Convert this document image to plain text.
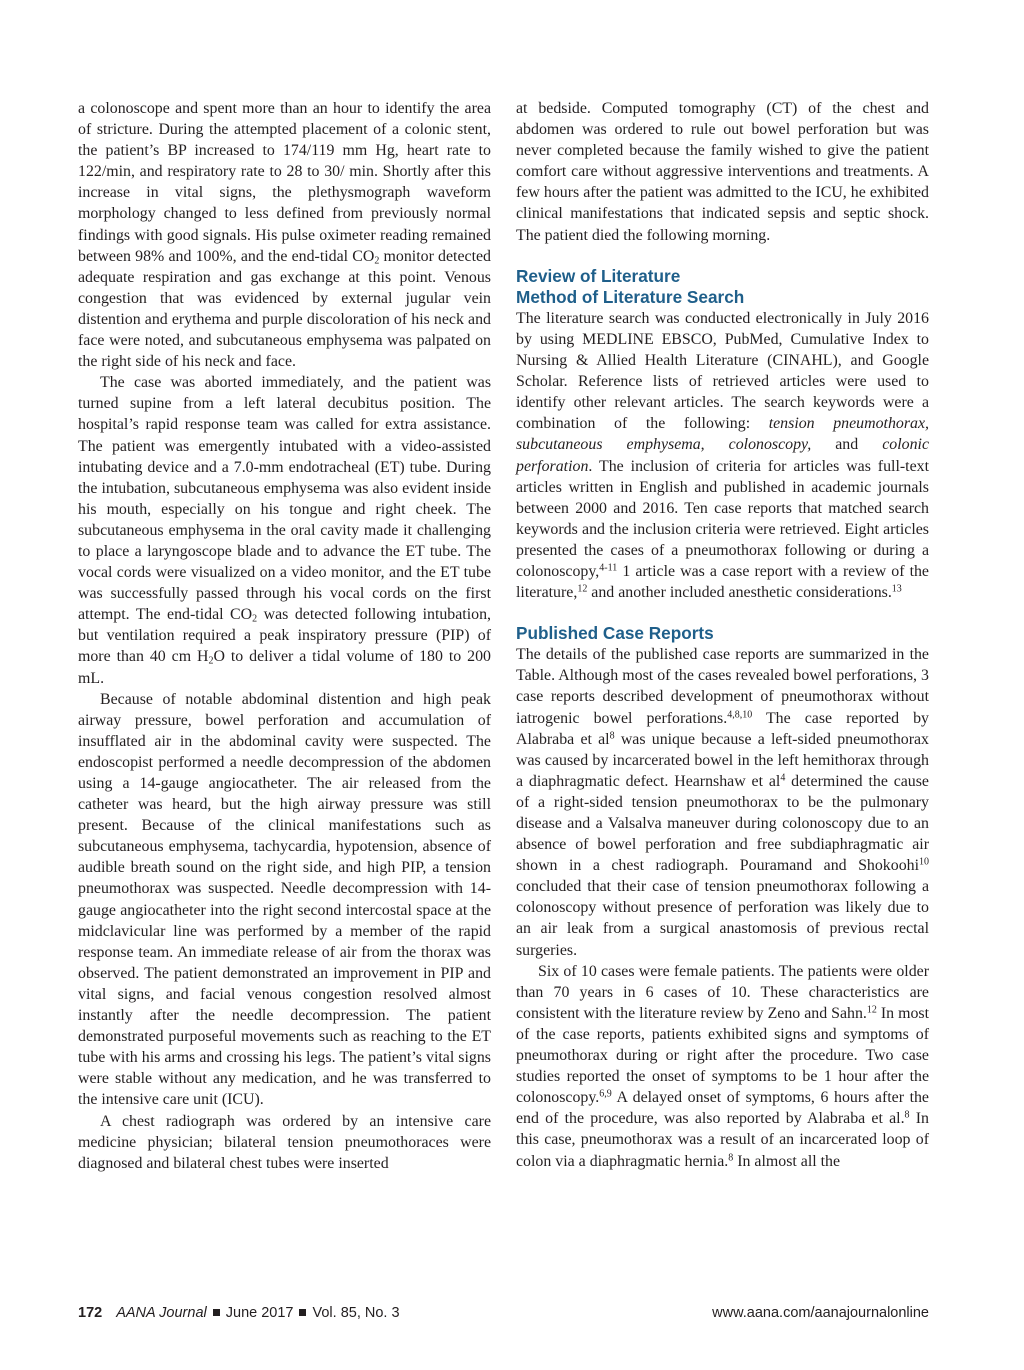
a colonoscope and spent more than an hour to identify the area of stricture. During the attempted placement of a colonic stent, the patient’s BP increased to 174/119 mm Hg, heart rate to 122/min, and respiratory rate to 28 to 30/ min. Shortly after this increase in vital signs, the plethysmograph waveform morphology changed to less defined from previously normal findings with good signals. His pulse oximeter reading remained between 98% and 100%, and the end-tidal $CO_2$ monitor detected adequate respiration and gas exchange at this point. Venous congestion that was evidenced by external jugular vein distention and erythema and purple discoloration of his neck and face were noted, and subcutaneous emphysema was palpated on the right side of his neck and face.

The case was aborted immediately, and the patient was turned supine from a left lateral decubitus position. The hospital’s rapid response team was called for extra assistance. The patient was emergently intubated with a video-assisted intubating device and a 7.0-mm endotracheal (ET) tube. During the intubation, subcutaneous emphysema was also evident inside his mouth, especially on his tongue and right cheek. The subcutaneous emphysema in the oral cavity made it challenging to place a laryngoscope blade and to advance the ET tube. The vocal cords were visualized on a video monitor, and the ET tube was successfully passed through his vocal cords on the first attempt. The end-tidal $CO_2$ was detected following intubation, but ventilation required a peak inspiratory pressure (PIP) of more than 40 cm $H_2O$ to deliver a tidal volume of 180 to 200 mL.

Because of notable abdominal distention and high peak airway pressure, bowel perforation and accumulation of insufflated air in the abdominal cavity were suspected. The endoscopist performed a needle decompression of the abdomen using a 14-gauge angiocatheter. The air released from the catheter was heard, but the high airway pressure was still present. Because of the clinical manifestations such as subcutaneous emphysema, tachycardia, hypotension, absence of audible breath sound on the right side, and high PIP, a tension pneumothorax was suspected. Needle decompression with 14-gauge angiocatheter into the right second intercostal space at the midclavicular line was performed by a member of the rapid response team. An immediate release of air from the thorax was observed. The patient demonstrated an improvement in PIP and vital signs, and facial venous congestion resolved almost instantly after the needle decompression. The patient demonstrated purposeful movements such as reaching to the ET tube with his arms and crossing his legs. The patient’s vital signs were stable without any medication, and he was transferred to the intensive care unit (ICU).

A chest radiograph was ordered by an intensive care medicine physician; bilateral tension pneumothoraces were diagnosed and bilateral chest tubes were inserted

at bedside. Computed tomography (CT) of the chest and abdomen was ordered to rule out bowel perforation but was never completed because the family wished to give the patient comfort care without aggressive interventions and treatments. A few hours after the patient was admitted to the ICU, he exhibited clinical manifestations that indicated sepsis and septic shock. The patient died the following morning.

Review of Literature
Method of Literature Search

The literature search was conducted electronically in July 2016 by using MEDLINE EBSCO, PubMed, Cumulative Index to Nursing & Allied Health Literature (CINAHL), and Google Scholar. Reference lists of retrieved articles were used to identify other relevant articles. The search keywords were a combination of the following: tension pneumothorax, subcutaneous emphysema, colonoscopy, and colonic perforation. The inclusion of criteria for articles was full-text articles written in English and published in academic journals between 2000 and 2016. Ten case reports that matched search keywords and the inclusion criteria were retrieved. Eight articles presented the cases of a pneumothorax following or during a colonoscopy,$^{4-11}$ 1 article was a case report with a review of the literature,$^{12}$ and another included anesthetic considerations.$^{13}$

Published Case Reports

The details of the published case reports are summarized in the Table. Although most of the cases revealed bowel perforations, 3 case reports described development of pneumothorax without iatrogenic bowel perforations.$^{4,8,10}$ The case reported by Alabraba et $al^8$ was unique because a left-sided pneumothorax was caused by incarcerated bowel in the left hemithorax through a diaphragmatic defect. Hearnshaw et $al^4$ determined the cause of a right-sided tension pneumothorax to be the pulmonary disease and a Valsalva maneuver during colonoscopy due to an absence of bowel perforation and free subdiaphragmatic air shown in a chest radiograph. Pouramand and Shokoohi$^{10}$ concluded that their case of tension pneumothorax following a colonoscopy without presence of perforation was likely due to an air leak from a surgical anastomosis of previous rectal surgeries.

Six of 10 cases were female patients. The patients were older than 70 years in 6 cases of 10. These characteristics are consistent with the literature review by Zeno and Sahn.$^{12}$ In most of the case reports, patients exhibited signs and symptoms of pneumothorax during or right after the procedure. Two case studies reported the onset of symptoms to be 1 hour after the colonoscopy.$^{6,9}$ A delayed onset of symptoms, 6 hours after the end of the procedure, was also reported by Alabraba et al.$^8$ In this case, pneumothorax was a result of an incarcerated loop of colon via a diaphragmatic hernia.$^8$ In almost all the

172 AANA Journal June 2017 Vol. 85, No. 3	www.aana.com/aanajournalonline
